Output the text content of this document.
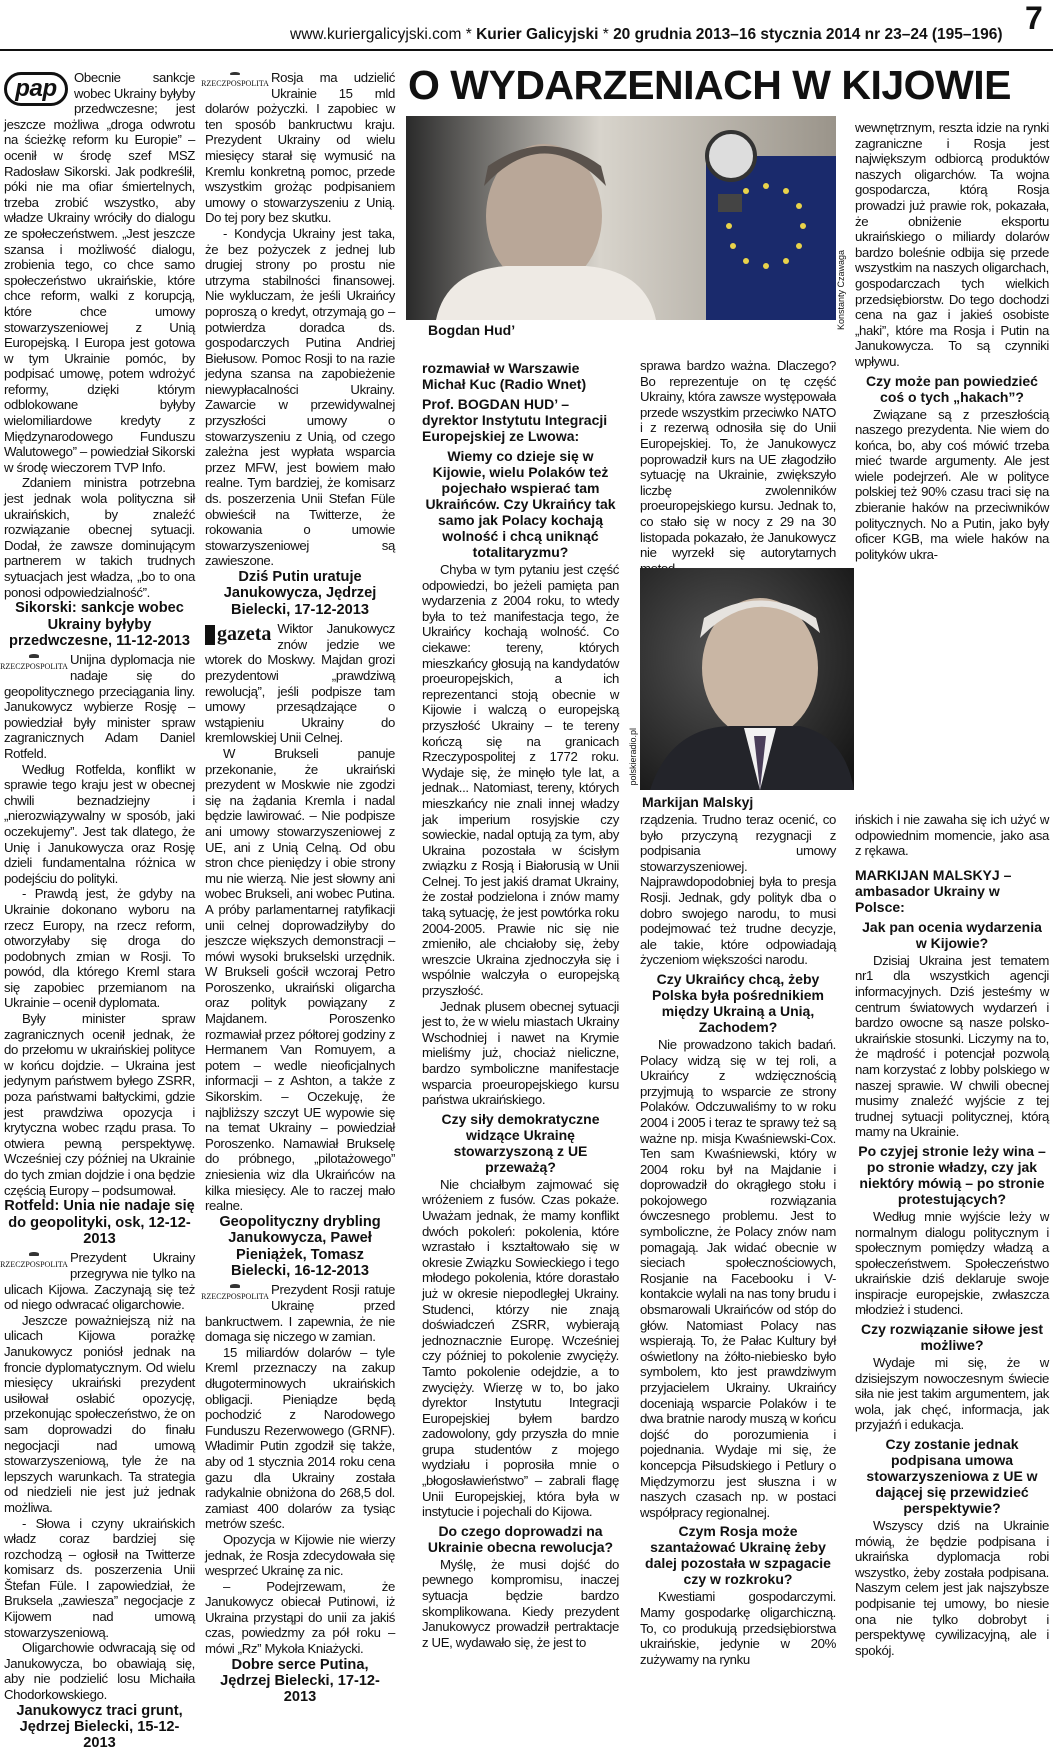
www.kuriergalicyjski.com * Kurier Galicyjski * 20 grudnia 2013–16 stycznia 2014 nr 23–24 (195–196) 7
pap	Obecnie sankcje wobec Ukrainy byłyby przedwczesne; jest jeszcze możliwa „droga odwrotu na ścieżkę reform ku Europie” – ocenił w środę szef MSZ Radosław Sikorski. Jak podkreślił, póki nie ma ofiar śmiertelnych, trzeba zrobić wszystko, aby władze Ukrainy wróciły do dialogu ze społeczeństwem. „Jest jeszcze szansa i możliwość dialogu, zrobienia tego, co chce samo społeczeństwo ukraińskie, które chce reform, walki z korupcją, które chce umowy stowarzyszeniowej z Unią Europejską. I Europa jest gotowa w tym Ukrainie pomóc, by podpisać umowę, potem wdrożyć reformy, dzięki którym odblokowane byłyby wielomiliardowe kredyty z Międzynarodowego Funduszu Walutowego” – powiedział Sikorski w środę wieczorem TVP Info.

Zdaniem ministra potrzebna jest jednak wola polityczna sił ukraińskich, by znaleźć rozwiązanie obecnej sytuacji. Dodał, że zawsze dominującym partnerem w takich trudnych sytuacjach jest władza, „bo to ona ponosi odpowiedzialność”.

Sikorski: sankcje wobec Ukrainy byłyby przedwczesne, 11-12-2013
RZECZPOSPOLITA Unijna dyplomacja nie nadaje się do geopolitycznego przeciągania liny. Janukowycz wybierze Rosję – powiedział były minister spraw zagranicznych Adam Daniel Rotfeld.

Według Rotfelda, konflikt w sprawie tego kraju jest w obecnej chwili beznadziejny i „nierozwiązywalny w sposób, jaki oczekujemy”. Jest tak dlatego, że Unię i Janukowycza oraz Rosję dzieli fundamentalna różnica w podejściu do polityki.

- Prawdą jest, że gdyby na Ukrainie dokonano wyboru na rzecz Europy, na rzecz reform, otworzyłaby się droga do podobnych zmian w Rosji. To powód, dla którego Kreml stara się zapobiec przemianom na Ukrainie – ocenił dyplomata.

Były minister spraw zagranicznych ocenił jednak, że do przełomu w ukraińskiej polityce w końcu dojdzie. – Ukraina jest jedynym państwem byłego ZSRR, poza państwami bałtyckimi, gdzie jest prawdziwa opozycja i krytyczna wobec rządu prasa. To otwiera pewną perspektywę. Wcześniej czy później na Ukrainie do tych zmian dojdzie i ona będzie częścią Europy – podsumował.

Rotfeld: Unia nie nadaje się do geopolityki, osk, 12-12-2013
RZECZPOSPOLITA Prezydent Ukrainy przegrywa nie tylko na ulicach Kijowa. Zaczynają się też od niego odwracać oligarchowie.

Jeszcze poważniejszą niż na ulicach Kijowa porażkę Janukowycz poniósł jednak na froncie dyplomatycznym. Od wielu miesięcy ukraiński prezydent usiłował osłabić opozycję, przekonując społeczeństwo, że on sam doprowadzi do finału negocjacji nad umową stowarzyszeniową, tyle że na lepszych warunkach. Ta strategia od niedzieli nie jest już jednak możliwa.

- Słowa i czyny ukraińskich władz coraz bardziej się rozchodzą – ogłosił na Twitterze komisarz ds. poszerzenia Unii Štefan Füle. I zapowiedział, że Bruksela „zawiesza” negocjacje z Kijowem nad umową stowarzyszeniową.

Oligarchowie odwracają się od Janukowycza, bo obawiają się, aby nie podzielić losu Michaiła Chodorkowskiego.

Janukowycz traci grunt, Jędrzej Bielecki, 15-12-2013
RZECZPOSPOLITA Rosja ma udzielić Ukrainie 15 mld dolarów pożyczki. I zapobiec w ten sposób bankructwu kraju. Prezydent Ukrainy od wielu miesięcy starał się wymusić na Kremlu konkretną pomoc, przede wszystkim grożąc podpisaniem umowy o stowarzyszeniu z Unią. Do tej pory bez skutku.

- Kondycja Ukrainy jest taka, że bez pożyczek z jednej lub drugiej strony po prostu nie utrzyma stabilności finansowej. Nie wykluczam, że jeśli Ukraińcy poproszą o kredyt, otrzymają go – potwierdza doradca ds. gospodarczych Putina Andriej Biełusow. Pomoc Rosji to na razie jedyna szansa na zapobieżenie niewypłacalności Ukrainy. Zawarcie w przewidywalnej przyszłości umowy o stowarzyszeniu z Unią, od czego zależna jest wypłata wsparcia przez MFW, jest bowiem mało realne. Tym bardziej, że komisarz ds. poszerzenia Unii Stefan Füle obwieścił na Twitterze, że rokowania o umowie stowarzyszeniowej są zawieszone.

Dziś Putin uratuje Janukowycza, Jędrzej Bielecki, 17-12-2013
gazeta Wiktor Janukowycz znów jedzie we wtorek do Moskwy. Majdan grozi prezydentowi „prawdziwą rewolucją”, jeśli podpisze tam umowy przesądzające o wstąpieniu Ukrainy do kremlowskiej Unii Celnej.

W Brukseli panuje przekonanie, że ukraiński prezydent w Moskwie nie zgodzi się na żądania Kremla i nadal będzie lawirować. – Nie podpisze ani umowy stowarzyszeniowej z UE, ani z Unią Celną. Od obu stron chce pieniędzy i obie strony mu nie wierzą. Nie jest słowny ani wobec Brukseli, ani wobec Putina. A próby parlamentarnej ratyfikacji unii celnej doprowadziłyby do jeszcze większych demonstracji – mówi wysoki brukselski urzędnik. W Brukseli gościł wczoraj Petro Poroszenko, ukraiński oligarcha oraz polityk powiązany z Majdanem. Poroszenko rozmawiał przez półtorej godziny z Hermanem Van Romuyem, a potem – wedle nieoficjalnych informacji – z Ashton, a także z Sikorskim. – Oczekuję, że najbliższy szczyt UE wypowie się na temat Ukrainy – powiedział Poroszenko. Namawiał Brukselę do próbnego, „pilotażowego” zniesienia wiz dla Ukraińców na kilka miesięcy. Ale to raczej mało realne.

Geopolityczny drybling Janukowycza, Paweł Pieniążek, Tomasz Bielecki, 16-12-2013
RZECZPOSPOLITA Prezydent Rosji ratuje Ukrainę przed bankructwem. I zapewnia, że nie domaga się niczego w zamian.

15 miliardów dolarów – tyle Kreml przeznaczy na zakup długoterminowych ukraińskich obligacji. Pieniądze będą pochodzić z Narodowego Funduszu Rezerwowego (GRNF). Władimir Putin zgodził się także, aby od 1 stycznia 2014 roku cena gazu dla Ukrainy została radykalnie obniżona do 268,5 dol. zamiast 400 dolarów za tysiąc metrów sześc.

Opozycja w Kijowie nie wierzy jednak, że Rosja zdecydowała się wesprzeć Ukrainę za nic.

– Podejrzewam, że Janukowycz obiecał Putinowi, iż Ukraina przystąpi do unii za jakiś czas, powiedzmy za pół roku – mówi „Rz” Mykoła Kniażycki.

Dobre serce Putina, Jędrzej Bielecki, 17-12-2013
O WYDARZENIACH W KIJOWIE
Konstanty Czawaga
Bogdan Hud’

rozmawiał w Warszawie Michał Kuc (Radio Wnet)

Prof. BOGDAN HUD’ – dyrektor Instytutu Integracji Europejskiej ze Lwowa:

Wiemy co dzieje się w Kijowie, wielu Polaków też pojechało wspierać tam Ukraińców. Czy Ukraińcy tak samo jak Polacy kochają wolność i chcą uniknąć totalitaryzmu?

Chyba w tym pytaniu jest część odpowiedzi, bo jeżeli pamięta pan wydarzenia z 2004 roku, to wtedy była to też manifestacja tego, że Ukraińcy kochają wolność. Co ciekawe: tereny, których mieszkańcy głosują na kandydatów proeuropejskich, a ich reprezentanci stoją obecnie w Kijowie i walczą o europejską przyszłość Ukrainy – te tereny kończą się na granicach Rzeczypospolitej z 1772 roku. Wydaje się, że minęło tyle lat, a jednak... Natomiast, tereny, których mieszkańcy nie znali innej władzy jak imperium rosyjskie czy sowieckie, nadal optują za tym, aby Ukraina pozostała w ścisłym związku z Rosją i Białorusią w Unii Celnej. To jest jakiś dramat Ukrainy, że został podzielona i znów mamy taką sytuację, że jest powtórka roku 2004-2005. Prawie nic się nie zmieniło, ale chciałoby się, żeby wreszcie Ukraina zjednoczyła się i wspólnie walczyła o europejską przyszłość.

Jednak plusem obecnej sytuacji jest to, że w wielu miastach Ukrainy Wschodniej i nawet na Krymie mieliśmy już, chociaż nieliczne, bardzo symboliczne manifestacje wsparcia proeuropejskiego kursu państwa ukraińskiego.

Czy siły demokratyczne widzące Ukrainę stowarzyszoną z UE przeważą?

Nie chciałbym zajmować się wróżeniem z fusów. Czas pokaże. Uważam jednak, że mamy konflikt dwóch pokoleń: pokolenia, które wzrastało i kształtowało się w okresie Związku Sowieckiego i tego młodego pokolenia, które dorastało już w okresie niepodległej Ukrainy. Studenci, którzy nie znają doświadczeń ZSRR, wybierają jednoznacznie Europę. Wcześniej czy później to pokolenie zwycięży. Tamto pokolenie odejdzie, a to zwycięży. Wierzę w to, bo jako dyrektor Instytutu Integracji Europejskiej byłem bardzo zadowolony, gdy przyszła do mnie grupa studentów z mojego wydziału i poprosiła mnie o „błogosławieństwo” – zabrali flagę Unii Europejskiej, która była w instytucie i pojechali do Kijowa.

Do czego doprowadzi na Ukrainie obecna rewolucja?

Myślę, że musi dojść do pewnego kompromisu, inaczej sytuacja będzie bardzo skomplikowana. Kiedy prezydent Janukowycz prowadził pertraktacje z UE, wydawało się, że jest to

sprawa bardzo ważna. Dlaczego? Bo reprezentuje on tę część Ukrainy, która zawsze występowała przede wszystkim przeciwko NATO i z rezerwą odnosiła się do Unii Europejskiej. To, że Janukowycz poprowadził kurs na UE złagodziło sytuację na Ukrainie, zwiększyło liczbę zwolenników proeuropejskiego kursu. Jednak to, co stało się w nocy z 29 na 30 listopada pokazało, że Janukowycz nie wyrzekł się autorytarnych

polskieradio.pl
Markijan Malskyj

rządzenia. Trudno teraz ocenić, co było przyczyną rezygnacji z podpisania umowy stowarzyszeniowej. Najprawdopodobniej była to presja Rosji. Jednak, gdy polityk dba o dobro swojego narodu, to musi podejmować też trudne decyzje, ale takie, które odpowiadają życzeniom większości narodu.

Czy Ukraińcy chcą, żeby Polska była pośrednikiem między Ukrainą a Unią, Zachodem?

Nie prowadzono takich badań. Polacy widzą się w tej roli, a Ukraińcy z wdzięcznością przyjmują to wsparcie ze strony Polaków. Odczuwaliśmy to w roku 2004 i 2005 i teraz te sprawy też są ważne np. misja Kwaśniewski-Cox. Ten sam Kwaśniewski, który w 2004 roku był na Majdanie i doprowadził do okrągłego stołu i pokojowego rozwiązania ówczesnego problemu. Jest to symboliczne, że Polacy znów nam pomagają. Jak widać obecnie w sieciach społecznościowych, Rosjanie na Facebooku i V-kontakcie wylali na nas tony brudu i obsmarowali Ukraińców od stóp do głów. Natomiast Polacy nas wspierają. To, że Pałac Kultury był oświetlony na żółto-niebiesko było symbolem, kto jest prawdziwym przyjacielem Ukrainy. Ukraińcy doceniają wsparcie Polaków i te dwa bratnie narody muszą w końcu dojść do porozumienia i pojednania. Wydaje mi się, że koncepcja Piłsudskiego i Petlury o Międzymorzu jest słuszna i w naszych czasach np. w postaci współpracy regionalnej.

Czym Rosja może szantażować Ukrainę żeby dalej pozostała w szpagacie czy w rozkroku?

Kwestiami gospodarczymi. Mamy gospodarkę oligarchiczną. To, co produkują przedsiębiorstwa ukraińskie, jedynie w 20% zużywamy na rynku

wewnętrznym, reszta idzie na rynki zagraniczne i Rosja jest największym odbiorcą produktów naszych oligarchów. Ta wojna gospodarcza, którą Rosja prowadzi już prawie rok, pokazała, że obniżenie eksportu ukraińskiego o miliardy dolarów bardzo boleśnie odbija się przede wszystkim na naszych oligarchach, gospodarczach tych wielkich przedsiębiorstw. Do tego dochodzi cena na gaz i jakieś osobiste „haki”, które ma Rosja i Putin na Janukowycza. To są czynniki wpływu.

Czy może pan powiedzieć coś o tych „hakach”?

Związane są z przeszłością naszego prezydenta. Nie wiem do końca, bo, aby coś mówić trzeba mieć twarde argumenty. Ale jest wiele podejrzeń. Ale w polityce polskiej też 90% czasu traci się na zbieranie haków na przeciwników politycznych. No a Putin, jako były oficer KGB, ma wiele haków na polityków ukra-

ińskich i nie zawaha się ich użyć w odpowiednim momencie, jako asa z rękawa.

MARKIJAN MALSKYJ – ambasador Ukrainy w Polsce:

Jak pan ocenia wydarzenia w Kijowie?

Dzisiaj Ukraina jest tematem nr1 dla wszystkich agencji informacyjnych. Dziś jesteśmy w centrum światowych wydarzeń i bardzo owocne są nasze polsko-ukraińskie stosunki. Liczymy na to, że mądrość i potencjał pozwolą nam korzystać z lobby polskiego w naszej sprawie. W chwili obecnej musimy znaleźć wyjście z tej trudnej sytuacji politycznej, którą mamy na Ukrainie.

Po czyjej stronie leży wina – po stronie władzy, czy jak niektóry mówią – po stronie protestujących?

Według mnie wyjście leży w normalnym dialogu politycznym i społecznym pomiędzy władzą a społeczeństwem. Społeczeństwo ukraińskie dziś deklaruje swoje inspiracje europejskie, zwłaszcza młodzież i studenci.

Czy rozwiązanie siłowe jest możliwe?

Wydaje mi się, że w dzisiejszym nowoczesnym świecie siła nie jest takim argumentem, jak wola, jak chęć, informacja, jak przyjaźń i edukacja.

Czy zostanie jednak podpisana umowa stowarzyszeniowa z UE w dającej się przewidzieć perspektywie?

Wszyscy dziś na Ukrainie mówią, że będzie podpisana i ukraińska dyplomacja robi wszystko, żeby została podpisana. Naszym celem jest jak najszybsze podpisanie tej umowy, bo niesie ona nie tylko dobrobyt i perspektywę cywilizacyjną, ale i spokój.
